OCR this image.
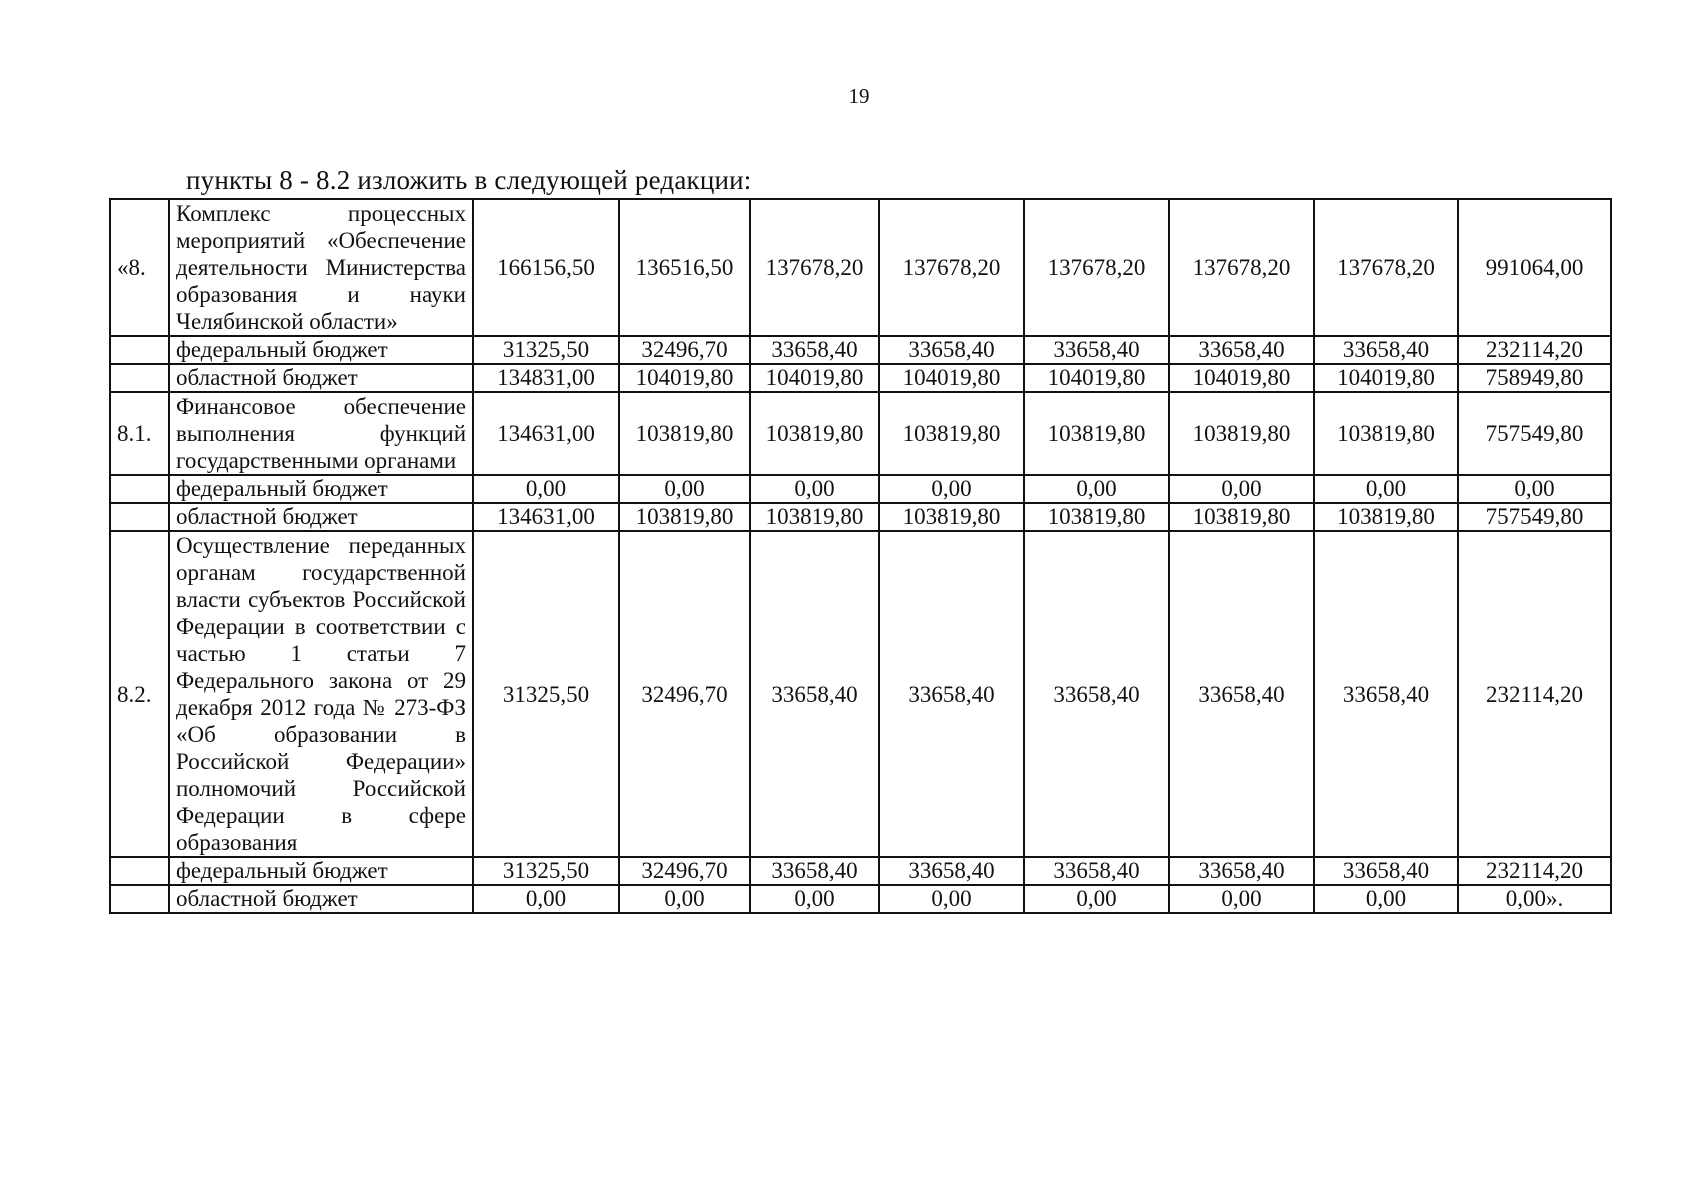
19
пункты 8 - 8.2 изложить в следующей редакции:
«8.	Комплекс процессных мероприятий «Обеспечение деятельности Министерства образования и науки Челябинской области»	166156,50	136516,50	137678,20	137678,20	137678,20	137678,20	137678,20	991064,00
	федеральный бюджет	31325,50	32496,70	33658,40	33658,40	33658,40	33658,40	33658,40	232114,20
	областной бюджет	134831,00	104019,80	104019,80	104019,80	104019,80	104019,80	104019,80	758949,80
8.1.	Финансовое обеспечение выполнения функций государственными органами	134631,00	103819,80	103819,80	103819,80	103819,80	103819,80	103819,80	757549,80
	федеральный бюджет	0,00	0,00	0,00	0,00	0,00	0,00	0,00	0,00
	областной бюджет	134631,00	103819,80	103819,80	103819,80	103819,80	103819,80	103819,80	757549,80
8.2.	Осуществление переданных органам государственной власти субъектов Российской Федерации в соответствии с частью 1 статьи 7 Федерального закона от 29 декабря 2012 года № 273-ФЗ «Об образовании в Российской Федерации» полномочий Российской Федерации в сфере образования	31325,50	32496,70	33658,40	33658,40	33658,40	33658,40	33658,40	232114,20
	федеральный бюджет	31325,50	32496,70	33658,40	33658,40	33658,40	33658,40	33658,40	232114,20
	областной бюджет	0,00	0,00	0,00	0,00	0,00	0,00	0,00	0,00».
